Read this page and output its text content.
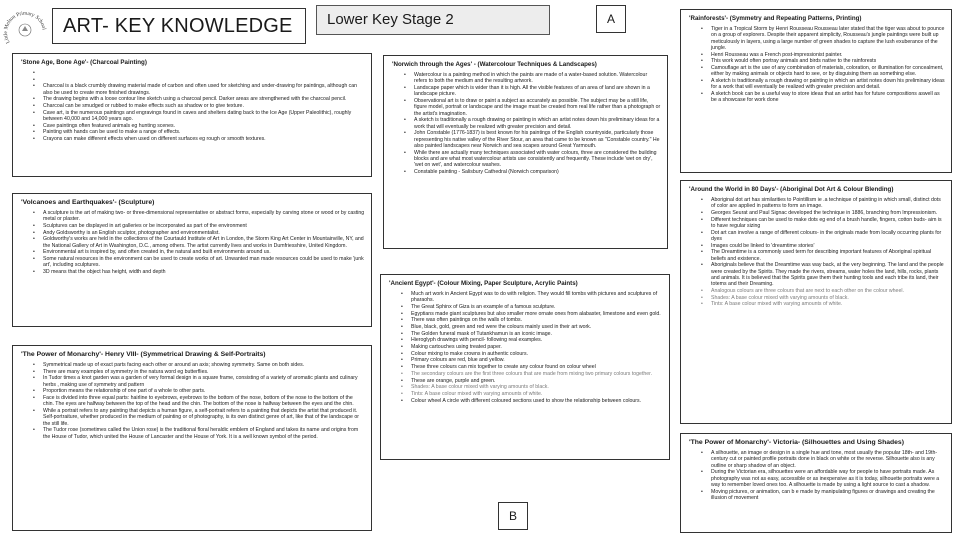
Little Melton Primary School ART- KEY KNOWLEDGE	Lower Key Stage 2	A
B
'Stone Age, Bone Age'- (Charcoal Painting)
•
•
• Charcoal is a black crumbly drawing material made of carbon and often used for sketching and under-drawing for paintings, although can also be used to create more finished drawings.
• The drawing begins with a loose contour line sketch using a charcoal pencil. Darker areas are strengthened with the charcoal pencil.
• Charcoal can be smudged or rubbed to make effects such as shadow or to give texture.
• Cave art, is the numerous paintings and engravings found in caves and shelters dating back to the Ice Age (Upper Paleolithic), roughly between 40,000 and 14,000 years ago.
• Cave paintings often featured animals eg hunting scenes.
• Painting with hands can be used to make a range of effects.
• Crayons can make different effects when used on different surfaces eg rough or smooth textures.
'Volcanoes and Earthquakes'- (Sculpture)
• A sculpture is the art of making two- or three-dimensional representative or abstract forms, especially by carving stone or wood or by casting metal or plaster.
• Sculptures can be displayed in art galleries or be incorporated as part of the environment
• Andy Goldsworthy is an English sculptor, photographer and environmentalist.
• Goldworthy's works are held in the collections of the Courtauld Institute of Art in London, the Storm King Art Center in Mountainville, NY, and the National Gallery of Art in Washington, D.C., among others. The artist currently lives and works in Dumfriesshire, United Kingdom.
• Environmental art is inspired by, and often created in, the natural and built environments around us.
• Some natural resources in the environment can be used to create works of art. Unwanted man made resources could be used to make 'junk art', including sculptures.
• 3D means that the object has height, width and depth
'The Power of Monarchy'- Henry VIII- (Symmetrical Drawing & Self-Portraits)
• Symmetrical made up of exact parts facing each other or around an axis; showing symmetry. Same on both sides.
• There are many examples of symmetry in the natura word eg butterflies.
• In Tudor times a knot garden was a garden of very formal design in a square frame, consisting of a variety of aromatic plants and culinary herbs , making use of symmetry and pattern
• Proportion means the relationship of one part of a whole to other parts.
• Face is divided into three equal parts: hairline to eyebrows, eyebrows to the bottom of the nose, bottom of the nose to the bottom of the chin. The eyes are halfway between the top of the head and the chin. The bottom of the nose is halfway between the eyes and the chin.
• While a portrait refers to any painting that depicts a human figure, a self-portrait refers to a painting that depicts the artist that produced it. Self-portraiture, whether produced in the medium of painting or of photography, is its own distinct genre of art, like that of the landscape or the still life.
• The Tudor rose (sometimes called the Union rose) is the traditional floral heraldic emblem of England and takes its name and origins from the House of Tudor, which united the House of Lancaster and the House of York. It is a well known symbol of the period.
'Norwich through the Ages' - (Watercolour Techniques & Landscapes)
• Watercolour is a painting method in which the paints are made of a water-based solution. Watercolour refers to both the medium and the resulting artwork.
• Landscape paper which is wider than it is high. All the visible features of an area of land are shown in a landscape picture.
• Observational art is to draw or paint a subject as accurately as possible. The subject may be a still life, figure model, portrait or landscape and the image must be created from real life rather than a photograph or the artist's imagination.
• A sketch is traditionally a rough drawing or painting in which an artist notes down his preliminary ideas for a work that will eventually be realized with greater precision and detail.
• John Constable (1776-1837) is best known for his paintings of the English countryside, particularly those representing his native valley of the River Stour, an area that came to be known as "Constable country." He also painted landscapes near Norwich and sea scapes around Great Yarmouth.
• While there are actually many techniques associated with water colours, three are considered the building blocks and are what most watercolour artists use consistently and frequently. These include 'wet on dry', 'wet on wet', and watercolour washes.
• Constable painting - Salisbury Cathedral (Norwich comparison)
'Ancient Egypt'- (Colour Mixing, Paper Sculpture, Acrylic Paints)
• Much art work in Ancient Egypt was to do with religion. They would fill tombs with pictures and sculptures of pharaohs.
• The Great Sphinx of Giza is an example of a famous sculpture.
• Egyptians made giant sculptures but also smaller more ornate ones from alabaster, limestone and even gold.
• There was often paintings on the walls of tombs.
• Blue, black, gold, green and red were the colours mainly used in their art work.
• The Golden funeral mask of Tutankhamun is an iconic image.
• Hieroglyph drawings with pencil- following real examples.
• Making cartouches using treated paper.
• Colour mixing to make crowns in authentic colours.
• Primary colours are red, blue and yellow.
• These three colours can mix together to create any colour found on colour wheel
• The secondary colours are the first three colours that are made from mixing two primary colours together.
• These are orange, purple and green.
• Shades: A base colour mixed with varying amounts of black.
• Tints: A base colour mixed with varying amounts of white.
• Colour wheel A circle with different coloured sections used to show the relationship between colours.
'Rainforests'- (Symmetry and Repeating Patterns, Printing)
• Tiger in a Tropical Storm by Henri Rousseau Rousseau later stated that the tiger was about to pounce on a group of explorers. Despite their apparent simplicity, Rousseau's jungle paintings were built up meticulously in layers, using a large number of green shades to capture the lush exuberance of the jungle.
• Henri Rousseau was a French post-impressionist painter.
• This work would often portray animals and birds native to the rainforests
• Camouflage art is the use of any combination of materials, coloration, or illumination for concealment, either by making animals or objects hard to see, or by disguising them as something else.
• A sketch is traditionally a rough drawing or painting in which an artist notes down his preliminary ideas for a work that will eventually be realized with greater precision and detail.
• A sketch book can be a useful way to store ideas that an artist has for future compositions aswell as be a showcase for work done
'Around the World in 80 Days'- (Aboriginal Dot Art & Colour Blending)
• Aboriginal dot art has similarities to Pointillism ie .a technique of painting in which small, distinct dots of color are applied in patterns to form an image.
• Georges Seurat and Paul Signac developed the technique in 1886, branching from Impressionism.
• Different techniques can be used to make dots eg end of a brush handle, fingers, cotton buds- aim is to have regular sizing
• Dot art can involve a range of different colours- in the originals made from locally occurring plants for dyes
• Images could be linked to 'dreamtime stories'
• The Dreamtime is a commonly used term for describing important features of Aboriginal spiritual beliefs and existence.
• Aboriginals believe that the Dreamtime was way back, at the very beginning. The land and the people were created by the Spirits. They made the rivers, streams, water holes the land, hills, rocks, plants and animals. It is believed that the Spirits gave them their hunting tools and each tribe its land, their totems and their Dreaming.
• Analogous colours are three colours that are next to each other on the colour wheel.
• Shades: A base colour mixed with varying amounts of black.
• Tints: A base colour mixed with varying amounts of white.
'The Power of Monarchy'- Victoria- (Silhouettes and Using Shades)
• A silhouette, an image or design in a single hue and tone, most usually the popular 18th- and 19th-century cut or painted profile portraits done in black on white or the reverse. Silhouette also is any outline or sharp shadow of an object.
• During the Victorian era, silhouettes were an affordable way for people to have portraits made. As photography was not as easy, accessible or as inexpensive as it is today, silhouette portraits were a way to remember loved ones too. A silhouette is made by using a light source to cast a shadow.
• Moving pictures, or animation, can b e made by manipulating figures or drawings and creating the illusion of movement
